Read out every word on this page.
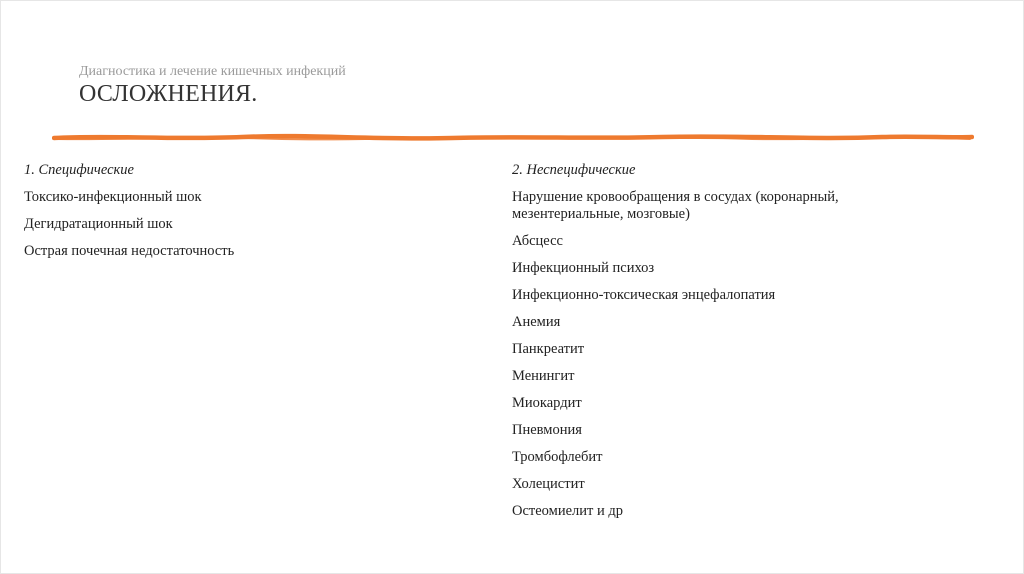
Диагностика и лечение кишечных инфекций
ОСЛОЖНЕНИЯ.
1. Специфические
Токсико-инфекционный шок
Дегидратационный шок
Острая почечная недостаточность
2. Неспецифические
Нарушение кровообращения в сосудах (коронарный, мезентериальные, мозговые)
Абсцесс
Инфекционный психоз
Инфекционно-токсическая энцефалопатия
Анемия
Панкреатит
Менингит
Миокардит
Пневмония
Тромбофлебит
Холецистит
Остеомиелит и др
